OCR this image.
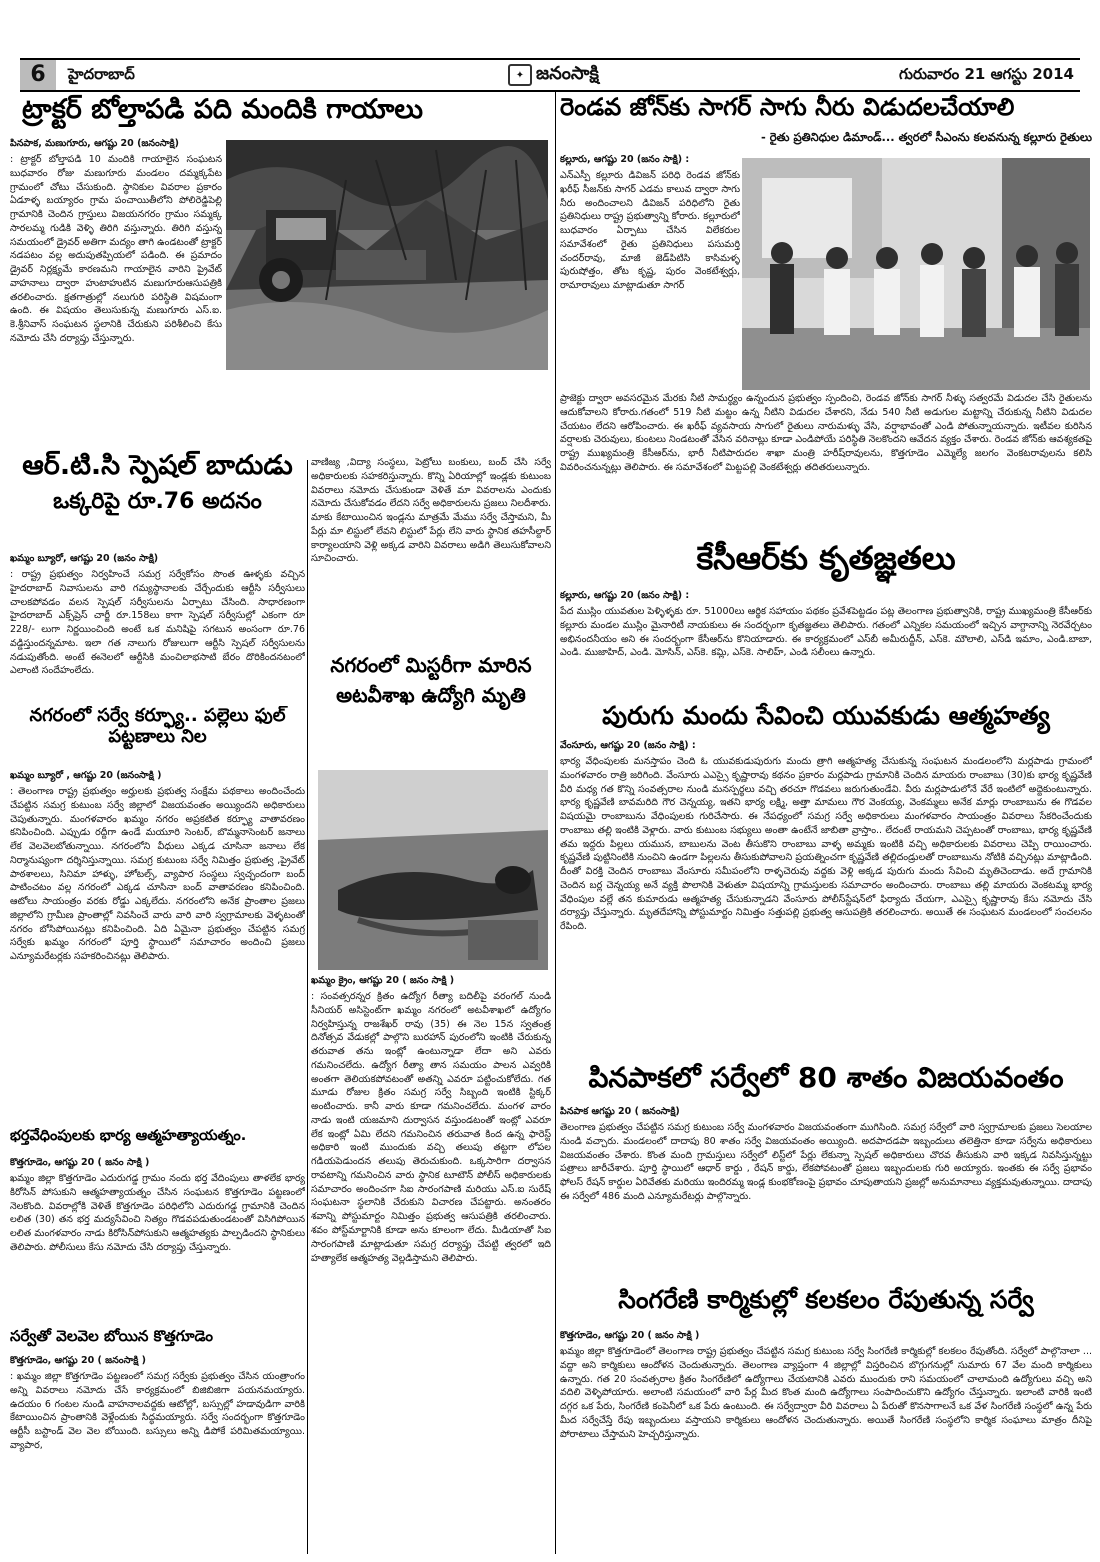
6	హైదరాబాద్	✦ జనంసాక్షి	గురువారం 21 ఆగస్టు 2014
ట్రాక్టర్ బోల్తాపడి పది మందికి గాయాలు

పినపాక, మణుగూరు, ఆగష్టు 20 (జనంసాక్షి)

: ట్రాక్టర్ బోల్తాపడి 10 మందికి గాయాలైన సంఘటన బుధవారం రోజు మణుగూరు మండలం దమ్మక్కపేట గ్రామంలో చోటు చేసుకుంది. స్థానికుల వివరాల ప్రకారం ఏడూళ్ళ బయ్యారం గ్రామ పంచాయితీలోని పోలిరెడ్డిపెల్లి గ్రామానికి చెందిన గ్రాస్తులు విజయనగరం గ్రామం సమ్మక్క సారలమ్మ గుడికి వెళ్ళి తిరిగి వస్తున్నారు. తిరిగి వస్తున్న సమయంలో డ్రైవర్ అతిగా మద్యం తాగి ఉండటంతో ట్రాక్టర్ నడపటం వల్ల అదుపుతప్పియలో పడింది. ఈ ప్రమాదం డ్రైవర్ నిర్లక్ష్యమే కారణమని గాయాలైన వారిని ప్రైవేట్ వాహనాలు ద్వారా హుటాహుటిన మణుగూరుఆసుపత్రికి తరలించారు. క్షతగాత్రుల్లో నలుగురి పరిస్థితి విషమంగా ఉంది. ఈ విషయం తెలుసుకున్న మణుగూరు ఎస్.ఐ. కె.శ్రీనివాస్ సంఘటన స్థలానికి చేరుకుని పరిశీలించి కేసు నమోదు చేసి దర్యాప్తు చేస్తున్నారు.

ఆర్.టి.సి స్పెషల్ బాదుడు
ఒక్కరిపై రూ.76 అదనం

ఖమ్మం బ్యూరో, ఆగష్టు 20 (జనం సాక్షి)

: రాష్ట్ర ప్రభుత్వం నిర్వహించే సమగ్ర సర్వేకోసం సొంత ఊళ్ళకు వచ్చిన హైదరాబాద్ నివాసులను వారి గమ్యస్థానాలకు చేర్చేందుకు ఆర్టీసి సర్వీసులు చాలకపోవడం వలన స్పెషల్ సర్వీసులను ఏర్పాటు చేసింది. సాధారణంగా హైదరాబాద్ ఎక్స్‌ప్రెస్ చార్జీ రూ.158లు కాగా స్పెషల్ సర్వీసుల్లో ఎకంగా రూ 228/- లుగా నిర్ణయించింది అంటే ఒక మనిషిపై సగటున అంసంగా రూ.76 వడ్డిస్తుందన్నమాట. ఇలా గత నాలుగు రోజులుగా ఆర్టీసి స్పెషల్ సర్వీసులను నడుపుతోంది. అంటే ఈనెలలో ఆర్టీసికి మంచిలాభసాటి బేరం దొరికిందనటంలో ఎలాంటి సందేహంలేదు.

వాణిజ్య ,విద్యా సంస్థలు, పెట్రోలు బంకులు, బంద్ చేసి సర్వే అధికారులకు సహకరిస్తున్నారు. కొన్ని ఏరియాల్లో ఇండ్లకు కుటుంబ వివరాలు నమోదు చేసుకుండా వెళితే మా వివరాలను ఎందుకు నమోదు చేసుకోవడం లేదని సర్వే అధికారులను ప్రజలు నిలదీశారు. మాకు కేటాయించిన ఇండ్లను మాత్రమే మేము సర్వే చేస్తామని, మీ పేర్లు మా లిస్టులో లేవని లిస్టులో పేర్లు లేని వారు స్థానిక తహసీల్దార్ కార్యాలయాని వెళ్లి అక్కడ వారిని వివరాలు అడిగి తెలుసుకోవాలని సూచించారు.

నగరంలో సర్వే కర్ఫ్యూ.. పల్లెలు ఫుల్ పట్టణాలు నిల

ఖమ్మం బ్యూరో , ఆగష్టు 20 (జనంసాక్షి )

: తెలంగాణ రాష్ట్ర ప్రభుత్వం అర్హులకు ప్రభుత్వ సంక్షేమ పథకాలు అందించేందు చేపట్టిన సమగ్ర కుటుంబ సర్వే జిల్లాలో విజయవంతం అయ్యిందని అధికారులు చెపుతున్నారు. మంగళవారం ఖమ్మం నగరం అప్రకటిత కర్ఫ్యూ వాతావరణం కనిపించింది. ఎప్పుడు రద్దీగా ఉండే మయూరి సెంటర్, బొమ్మనాసెంటర్ జనాలు లేక వెలవెలబోతున్నాయి. నగరంలోని వీధులు ఎక్కడ చూసినా జనాలు లేక నిర్మానుష్యంగా దర్శినిస్తున్నాయి. సమగ్ర కుటుంబ సర్వే నిమిత్తం ప్రభుత్వ ,ప్రైవేట్ పాఠశాలలు, సినిమా హాళ్ళు, హోటల్స్, వ్యాపార సంస్థలు స్వచ్ఛందంగా బంద్ పాటించటం వల్ల నగరంలో ఎక్కడ చూసినా బంద్ వాతావరణం కనిపించింది. ఆటోలు సాయంత్రం వరకు రోడ్డు ఎక్కలేదు. నగరంలోని అనేక ప్రాంతాల ప్రజలు జిల్లాలోని గ్రామీణ ప్రాంతాల్లో నివసించే వారు వారి వారి స్వగ్రామాలకు వెళ్ళటంతో నగరం బోసిపోయినట్లు కనిపించింది. ఏది ఏమైనా ప్రభుత్వం చేపట్టిన సమగ్ర సర్వేకు ఖమ్మం నగరంలో పూర్తి స్థాయిలో సమాచారం అందించి ప్రజలు ఎన్యూమరేటర్లకు సహకరించినట్లు తెలిపారు.

భర్తవేధింపులకు భార్య ఆత్మహత్యాయత్నం.

కొత్తగూడెం, ఆగష్టు 20 ( జనం సాక్షి )

ఖమ్మం జిల్లా కొత్తగూడెం ఎదురుగడ్డ గ్రామం నందు భర్త వేదింపులు తాళలేక భార్య కిరోసిన్ పోసుకుని ఆత్మహత్యాయత్నం చేసిన సంఘటన కొత్తగూడెం పట్టణంలో నెలకొంది. వివరాల్లోకి వెళితే కొత్తగూడెం పరిధిలోని ఎదురుగడ్డ గ్రామానికి చెందిన లలిత (30) తన భర్త మద్యసేవించి నిత్యం గొడవపడుతుండటంతో విసిగిపోయిన లలిత మంగళవారం నాడు కిరోసిన్‌పోసుకుని ఆత్మహత్యకు పాల్పడిందని స్థానికులు తెలిపారు. పోలీసులు కేసు నమోదు చేసి దర్యాప్తు చేస్తున్నారు.

సర్వేతో వెలవెల బోయిన కొత్తగూడెం

కొత్తగూడెం, ఆగష్టు 20 ( జనంసాక్షి )

: ఖమ్మం జిల్లా కొత్తగూడెం పట్టణంలో సమగ్ర సర్వేకు ప్రభుత్వం చేసిన యంత్రాంగం అన్ని వివరాలు నమోదు చేసే కార్యక్రమంలో బిజిబిజిగా పయనమయ్యారు. ఉదయం 6 గంటల నుండి వాహనాలవద్దకు ఆటోల్లో, బస్సుల్లో హడావుడిగా వారికి కేటాయించిన ప్రాంతానికి వెళ్లేందుకు సిద్ధమయ్యారు. సర్వే సందర్భంగా కొత్తగూడెం ఆర్టీసీ బస్టాండ్ వెల వెల బోయింది. బస్సులు అన్ని డిపోకే పరిమితమయ్యాయి. వ్యాపార,

నగరంలో మిస్టరీగా మారిన అటవీశాఖ ఉద్యోగి మృతి

ఖమ్మం క్రైం, ఆగష్టు 20 ( జనం సాక్షి )

: సంవత్సరన్నర క్రితం ఉద్యోగ రీత్యా బదిలీపై వరంగల్ నుండి సీనియర్ అసిస్టెంట్‌గా ఖమ్మం నగరంలో అటవీశాఖలో ఉద్యోగం నిర్వహిస్తున్న రాజశేఖర్ రావు (35) ఈ నెల 15న స్వతంత్ర దినోత్సవ వేడుకల్లో పాల్గొని బురహాన్ పురంలోని ఇంటికి చేరుకున్న తరువాత తను ఇంట్లో ఉంటున్నాడా లేదా అని ఎవరు గమనించలేదు. ఉద్యోగ రీత్యా తాన సమయం పాలన ఎవ్వరికి అంతగా తెలియకపోవటంతో అతన్ని ఎవరూ పట్టించుకోలేదు. గత మూడు రోజుల క్రితం సమగ్ర సర్వే సిబ్బంది ఇంటికి స్టిక్కర్ అంటించారు. కానీ వారు కూడా గమనించలేదు. మంగళ వారం నాడు ఇంటి యజమాని దుర్వాసన వస్తుండటంతో ఇంట్లో ఎవరూ లేక ఇంట్లో ఏమి లేదని గమనించిన తరువాత కింద ఉన్న ఫారెస్ట్ అధికారి ఇంటి ముందుకు వచ్చి తలుపు తట్టగా లోపల గడియపెడుందన తలుపు తెరుచుకుంది. ఒక్కసారిగా దర్వాసన రావటాన్ని గమనించిన వారు స్థానిక టూటౌన్ పోలీస్ అధికారులకు సమాచారం అందించగా సిఐ సారంగపాణి మరియు ఎస్.ఐ సురేష్ సంఘటనా స్థలానికి చేరుకుని విచారణ చేపట్టారు. అనంతరం శవాన్ని పోస్టుమార్టం నిమిత్తం ప్రభుత్వ ఆసుపత్రికి తరలించారు. శవం పోస్ట్‌మార్టానికి కూడా అను కూలంగా లేదు. మీడియాతో సిఐ సారంగపాణి మాట్లాడుతూ సమగ్ర దర్యాప్తు చేపట్టి త్వరలో ఇది హత్యాలేక ఆత్మహత్య వెల్లడిస్తామని తెలిపారు.

రెండవ జోన్‌కు సాగర్ సాగు నీరు విడుదలచేయాలి

- రైతు ప్రతినిధుల డిమాండ్... త్వరలో సీఎంను కలవనున్న కల్లూరు రైతులు

కల్లూరు, ఆగష్టు 20 (జనం సాక్షి) :

ఎన్ఎస్పీ కల్లూరు డివిజన్ పరిధి రెండవ జోన్‌కు ఖరీఫ్ సీజన్‌కు సాగర్ ఎడమ కాలువ ద్వారా సాగు నీరు అందించాలని డివిజన్ పరిధిలోని రైతు ప్రతినిధులు రాష్ట్ర ప్రభుత్వాన్ని కోరారు. కల్లూరులో బుధవారం ఏర్పాటు చేసిన విలేకరుల సమావేశంలో రైతు ప్రతినిధులు పసుమర్తి చందర్‌రావు, మాజీ జెడ్‌పిటిసి కాసిమళ్ళ పురుషోత్తం, తోట కృష్ణ, పురం వెంకటేశ్వర్లు, రామారావులు మాట్లాడుతూ సాగర్

ప్రాజెక్టు ద్వారా అవసరమైన మేరకు నీటి సామర్ధ్యం ఉన్నందున ప్రభుత్వం స్పందించి, రెండవ జోన్‌కు సాగర్ నీళ్ళు సత్వరమే విడుదల చేసి రైతులను ఆదుకోవాలని కోరారు.గతంలో 519 నీటి మట్టం ఉన్న నీటిని విడుదల చేశారని, నేడు 540 నీటి అడుగుల మట్టాన్ని చేరుకున్న నీటిని విడుదల చేయటం లేదని ఆరోపించారు. ఈ ఖరీఫ్ వ్యవసాయ సాగులో రైతులు నారుమళ్ళు వేసి, వర్షాభావంతో ఎండి పోతున్నాయన్నారు. ఇటీవల కురిసిన వర్షాలకు చెరువులు, కుంటలు నిండటంతో వేసిన వరినాట్లు కూడా ఎండిపోయే పరిస్థితి నెలకొందని ఆవేదన వ్యక్తం చేశారు. రెండవ జోన్‌కు ఆవశ్యకతపై రాష్ట్ర ముఖ్యమంత్రి కేసీఆర్‌ను, భారీ నీటిపారుదల శాఖా మంత్రి హరీష్‌రావులను, కొత్తగూడెం ఎమ్మెల్యే జలగం వెంకటరావులను కలిసి వివరించనున్నట్లు తెలిపారు. ఈ సమావేశంలో మిట్టపల్లి వెంకటేశ్వర్లు తదితరులున్నారు.

కేసీఆర్‌కు కృతజ్ఞతలు

కల్లూరు, ఆగష్టు 20 (జనం సాక్షి) :

పేద ముస్లిం యువతుల పెళ్ళిళ్ళకు రూ. 51000లు ఆర్థిక సహాయం పథకం ప్రవేశపెట్టడం పట్ల తెలంగాణ ప్రభుత్వానికి, రాష్ట్ర ముఖ్యమంత్రి కేసీఆర్‌కు కల్లూరు మండల ముస్లిం మైనారిటీ నాయకులు ఈ సందర్భంగా కృతజ్ఞతలు తెలిపారు. గతంలో ఎన్నికల సమయంలో ఇచ్చిన వాగ్దానాన్ని నెరవేర్చటం అభినందనీయం అని ఈ సందర్భంగా కేసీఆర్‌ను కొనియాడారు. ఈ కార్యక్రమంలో ఎస్‌బీ అమీరుద్దీన్, ఎస్‌కె. మౌలాలి, ఎస్‌డి ఇమాం, ఎండి.బాబా, ఎండి. ముజాహిద్, ఎండి. మోసిన్, ఎస్‌కె. కమ్లి, ఎస్‌కె. సాలిహ్, ఎండి సలీంలు ఉన్నారు.

పురుగు మందు సేవించి యువకుడు ఆత్మహత్య

వేంసూరు, ఆగష్టు 20 (జనం సాక్షి) :

భార్య వేధింపులకు మనస్తాపం చెంది ఓ యువకుడుపురుగు మందు త్రాగి ఆత్మహత్య చేసుకున్న సంఘటన మండలంలోని మర్లపాడు గ్రామంలో మంగళవారం రాత్రి జరిగింది. వేంసూరు ఎఎస్సై కృష్ణారావు కథనం ప్రకారం మర్లపాడు గ్రామానికి చెందిన మాయరు రాంబాబు (30)కు భార్య కృష్ణవేణి వీరి మధ్య గత కొన్ని సంవత్సరాల నుండి మనస్పర్థలు వచ్చి తరచూ గొడవలు జరుగుతుండేవి. వీరు మర్లపాడులోనే వేరే ఇంటిలో అద్దెకుంటున్నారు. భార్య కృష్ణవేణి బావమరిది గౌర చెన్నయ్య, ఇతని భార్య లక్ష్మి, అత్తా మామలు గౌర వెంకయ్య, వెంకమ్మలు అనేక మార్లు రాంబాబును ఈ గొడవల విషయమై రాంబాబును వేధింపులకు గురిచేసారు. ఈ నేపధ్యంలో సమగ్ర సర్వే అధికారులు మంగళవారం సాయంత్రం వివరాలు సేకరించేందుకు రాంబాబు తల్లి ఇంటికి వెళ్లారు. వారు కుటుంబ సభ్యులు అంతా ఉంటేనే జాబితా వ్రాస్తాం.. లేదంటే రాయమని చెప్పటంతో రాంబాబు, భార్య కృష్ణవేణి తమ ఇద్దరు పిల్లలు యమున, బాబులను వెంట తీసుకొని రాంబాబు వాళ్ళ అమ్మకు ఇంటికి వచ్చి అధికారులకు వివరాలు చెప్పి రాయించారు. కృష్ణవేణి పుట్టినింటికి నుంచిని ఉండగా పిల్లలను తీసుకుపోవాలని ప్రయత్నించగా కృష్ణవేణి తల్లిదండ్రులతో రాంబాబును నోటికి వచ్చినట్లు మాట్లాడింది. దీంతో విరక్తి చెందిన రాంబాబు వేంసూరు సమీపంలోని రాళ్ళచెరువు వద్దకు వెళ్లి అక్కడ పురుగు మందు సేవించి మృతిచెందాడు. అదే గ్రామానికి చెందిన బర్ల చెన్నయ్య అనే వ్యక్తి పొలానికి వెళుతూ విషయాన్ని గ్రామస్తులకు సమాచారం అందించారు. రాంబాబు తల్లి మాయరు వెంకటమ్మ భార్య వేధింపుల వల్లే తన కుమారుడు ఆత్మహత్య చేసుకున్నాడని వేంసూరు పోలీస్‌స్టేషన్‌లో ఫిర్యాదు చేయగా, ఎఎస్సై కృష్ణారావు కేసు నమోదు చేసి దర్యాప్తు చేస్తున్నారు. మృతదేహాన్ని పోస్టుమార్టం నిమిత్తం సత్తుపల్లి ప్రభుత్వ ఆసుపత్రికి తరలించారు. అయితే ఈ సంఘటన మండలంలో సంచలనం రేపింది.

పినపాకలో సర్వేలో 80 శాతం విజయవంతం

పినపాక ఆగష్టు 20 ( జనంసాక్షి)

తెలంగాణ ప్రభుత్వం చేపట్టిన సమగ్ర కుటుంబ సర్వే మంగళవారం విజయవంతంగా ముగిసింది. సమగ్ర సర్వేలో వారి స్వగ్రామాలకు ప్రజలు సెలయాల నుండి వచ్చారు. మండలంలో దాదాపు 80 శాతం సర్వే విజయవంతం అయ్యింది. అదపాదడపా ఇబ్బందులు తలెత్తినా కూడా సర్వేను అధికారులు విజయవంతం చేశారు. కొంత మంది గ్రామస్తులు సర్వేలో లిస్ట్‌లో పేర్లు లేకున్నా స్పెషల్ అధికారులు చొరవ తీసుకుని వారి ఇక్కడ నివసిస్తున్నట్టు పత్రాలు జారీచేశారు. పూర్తి స్థాయిలో ఆధార్ కార్డు , రేషన్ కార్డు, లేకపోవటంతో ప్రజలు ఇబ్బందులకు గురి అయ్యారు. ఇంతకు ఈ సర్వే ప్రభావం ఫోలస్ రేషన్ కార్డుల ఏరివేతకు మరియు ఇందిరమ్మ ఇండ్ల కుంభకోణంపై ప్రభావం చూపుతాయని ప్రజల్లో అనుమానాలు వ్యక్తమవుతున్నాయి. దాదాపు ఈ సర్వేలో 486 మంది ఎన్యూమరేటర్లు పాల్గొన్నారు.

సింగరేణి కార్మికుల్లో కలకలం రేపుతున్న సర్వే

కొత్తగూడెం, ఆగష్టు 20 ( జనం సాక్షి )

ఖమ్మం జిల్లా కొత్తగూడెంలో తెలంగాణ రాష్ట్ర ప్రభుత్వం చేపట్టిన సమగ్ర కుటుంబ సర్వే సింగరేణి కార్మికుల్లో కలకలం రేపుతోంది. సర్వేలో పాల్గొనాలా ... వద్దా అని కార్మికులు ఆందోళన చెందుతున్నారు. తెలంగాణ వ్యాప్తంగా 4 జిల్లాల్లో విస్తరించిన బొగ్గుగనుల్లో సుమారు 67 వేల మంది కార్మికులు ఉన్నారు. గత 20 సంవత్సరాల క్రితం సింగరేణిలో ఉద్యోగాలు చేయటానికి ఎవరు ముందుకు రాని సమయంలో చాలామంది ఉద్యోగులు వచ్చి అని వదిలి వెళ్ళిపోయారు. అలాంటి సమయంలో వారి పేర్ల మీద కొంత మంది ఉద్యోగాలు సంపాదించుకొని ఉద్యోగం చేస్తున్నారు. ఇలాంటి వారికి ఇంటి దగ్గర ఒక పేరు, సింగరేణి కంపెనీలో ఒక పేరు ఉంటుంది. ఈ సర్వేద్వారా వీరి వివరాలు ఏ పేరుతో కొనసాగాలనే ఒక వేళ సింగరేణి సంస్థలో ఉన్న పేరు మీద సర్వేచేస్తే రేపు ఇబ్బందులు వస్తాయని కార్మికులు ఆందోళన చెందుతున్నారు. అయితే సింగరేణి సంస్థలోని కార్మిక సంఘాలు మాత్రం దీనిపై పోరాటాలు చేస్తామని హెచ్చరిస్తున్నారు.
